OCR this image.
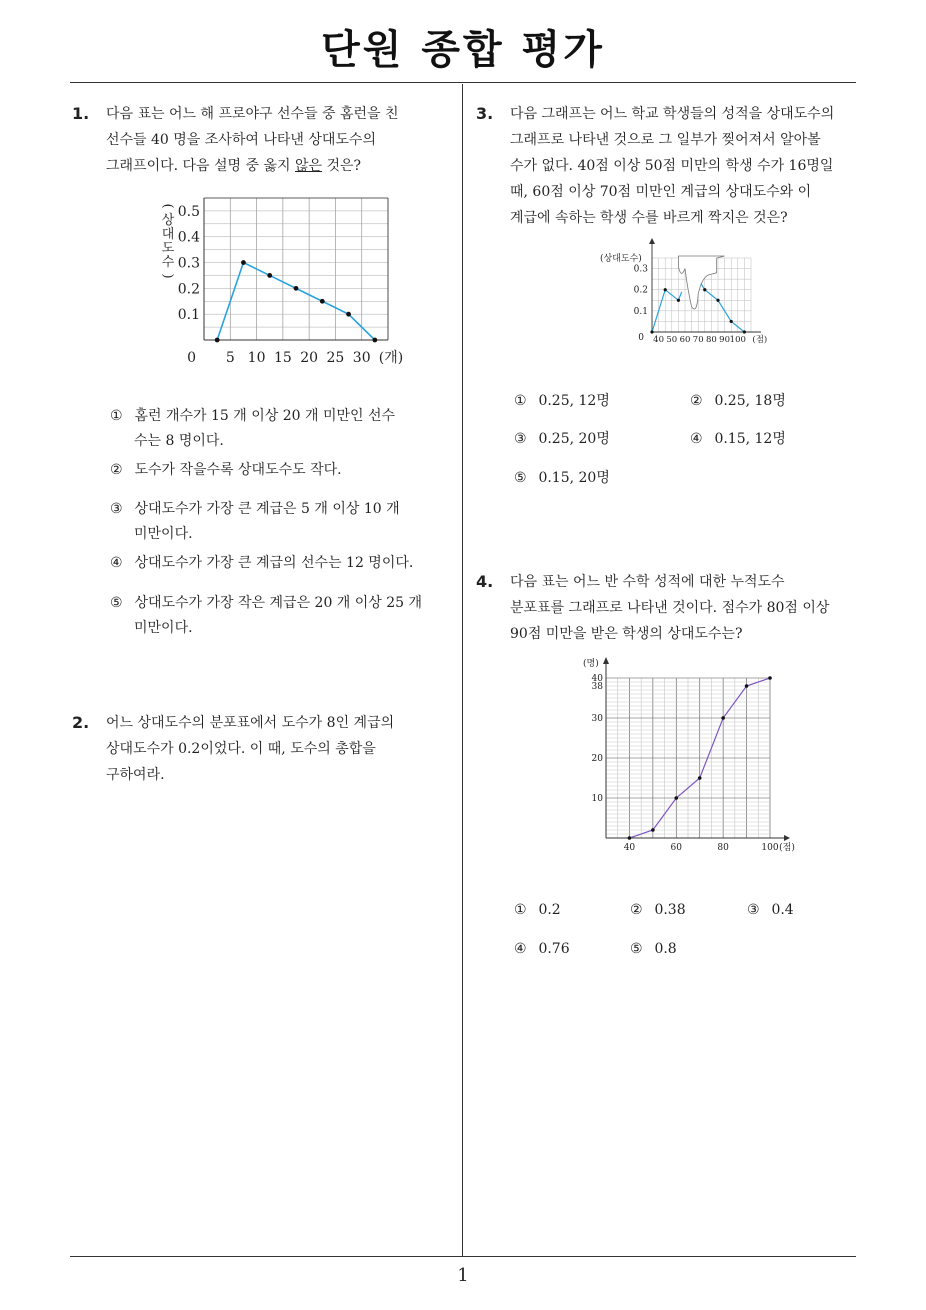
단원 종합 평가
1
1. 다음 표는 어느 해 프로야구 선수들 중 홈런을 친
선수들 40 명을 조사하여 나타낸 상대도수의
그래프이다. 다음 설명 중 옳지 않은 것은?
0.1
0.2
0.3
0.4
0.5
0 5 10 15 20 25 30 (개)
(
상
대
도
수
)
① 홈런 개수가 15 개 이상 20 개 미만인 선수
수는 8 명이다.
② 도수가 작을수록 상대도수도 작다.
③ 상대도수가 가장 큰 계급은 5 개 이상 10 개
미만이다.
④ 상대도수가 가장 큰 계급의 선수는 12 명이다.
⑤ 상대도수가 가장 작은 계급은 20 개 이상 25 개
미만이다.
2. 어느 상대도수의 분포표에서 도수가 8인 계급의
상대도수가 0.2이었다. 이 때, 도수의 총합을
구하여라.
3. 다음 그래프는 어느 학교 학생들의 성적을 상대도수의
그래프로 나타낸 것으로 그 일부가 찢어져서 알아볼
수가 없다. 40점 이상 50점 미만의 학생 수가 16명일
때, 60점 이상 70점 미만인 계급의 상대도수와 이
계급에 속하는 학생 수를 바르게 짝지은 것은?
(상대도수)
0.1
0.2
0.3
0 40 50 60 70 80 90 100 (점)
① 0.25, 12명	② 0.25, 18명
③ 0.25, 20명	④ 0.15, 12명
⑤ 0.15, 20명
4. 다음 표는 어느 반 수학 성적에 대한 누적도수
분포표를 그래프로 나타낸 것이다. 점수가 80점 이상
90점 미만을 받은 학생의 상대도수는?
(명)
10
20
30
38
40
40	60	80	100 (점)
① 0.2	② 0.38	③ 0.4
④ 0.76	⑤ 0.8
